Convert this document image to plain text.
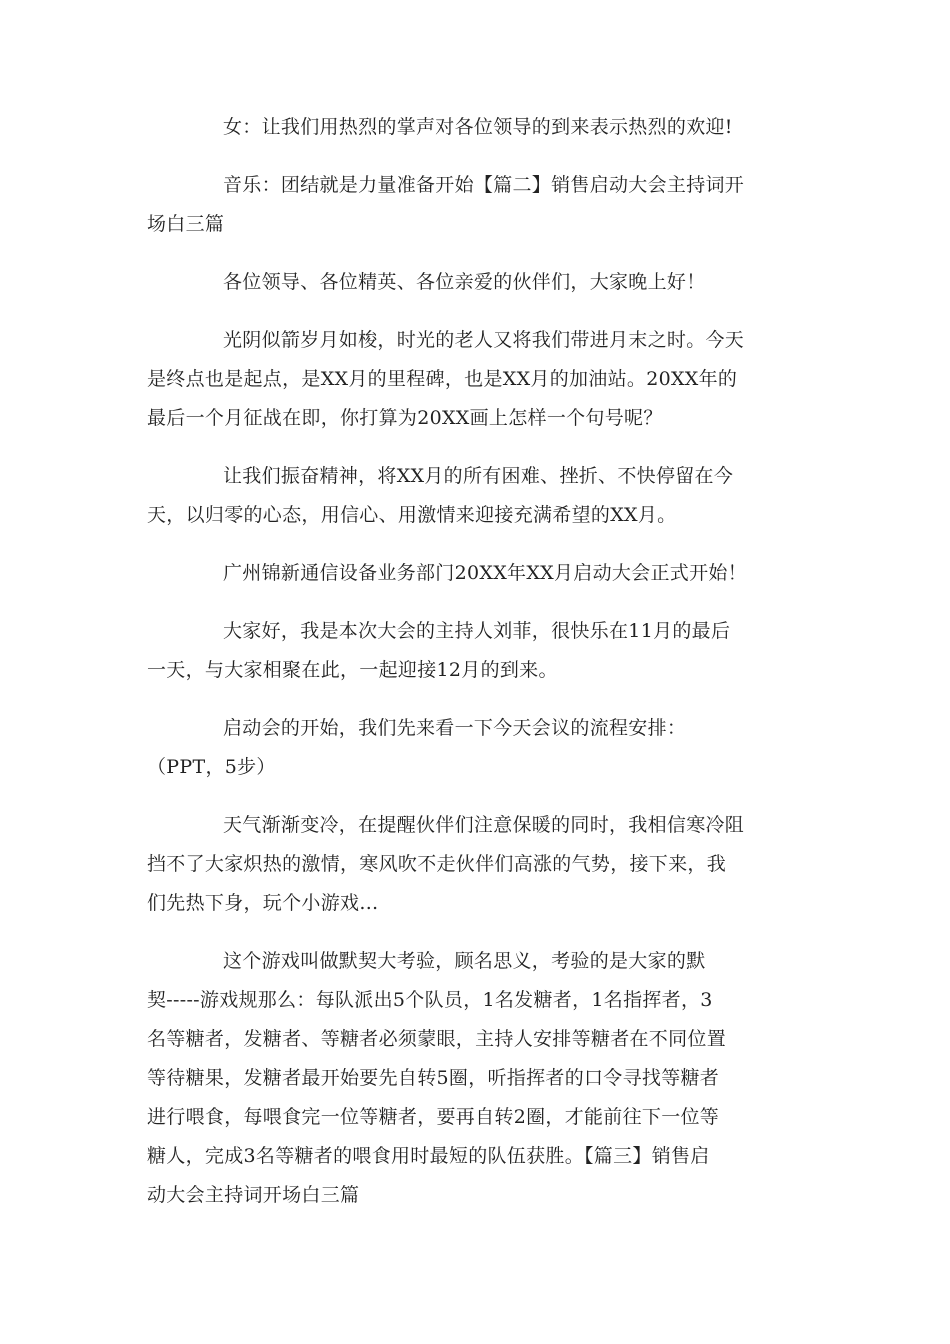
女：让我们用热烈的掌声对各位领导的到来表示热烈的欢迎!

音乐：团结就是力量准备开始【篇二】销售启动大会主持词开
场白三篇

各位领导、各位精英、各位亲爱的伙伴们，大家晚上好！

光阴似箭岁月如梭，时光的老人又将我们带进月末之时。今天
是终点也是起点，是XX月的里程碑，也是XX月的加油站。20XX年的
最后一个月征战在即，你打算为20XX画上怎样一个句号呢？

让我们振奋精神，将XX月的所有困难、挫折、不快停留在今
天，以归零的心态，用信心、用激情来迎接充满希望的XX月。

广州锦新通信设备业务部门20XX年XX月启动大会正式开始！

大家好，我是本次大会的主持人刘菲，很快乐在11月的最后
一天，与大家相聚在此，一起迎接12月的到来。

启动会的开始，我们先来看一下今天会议的流程安排：
（PPT，5步）

天气渐渐变冷，在提醒伙伴们注意保暖的同时，我相信寒冷阻
挡不了大家炽热的激情，寒风吹不走伙伴们高涨的气势，接下来，我
们先热下身，玩个小游戏…

这个游戏叫做默契大考验，顾名思义，考验的是大家的默
契-----游戏规那么：每队派出5个队员，1名发糖者，1名指挥者，3
名等糖者，发糖者、等糖者必须蒙眼，主持人安排等糖者在不同位置
等待糖果，发糖者最开始要先自转5圈，听指挥者的口令寻找等糖者
进行喂食，每喂食完一位等糖者，要再自转2圈，才能前往下一位等
糖人，完成3名等糖者的喂食用时最短的队伍获胜。【篇三】销售启
动大会主持词开场白三篇
